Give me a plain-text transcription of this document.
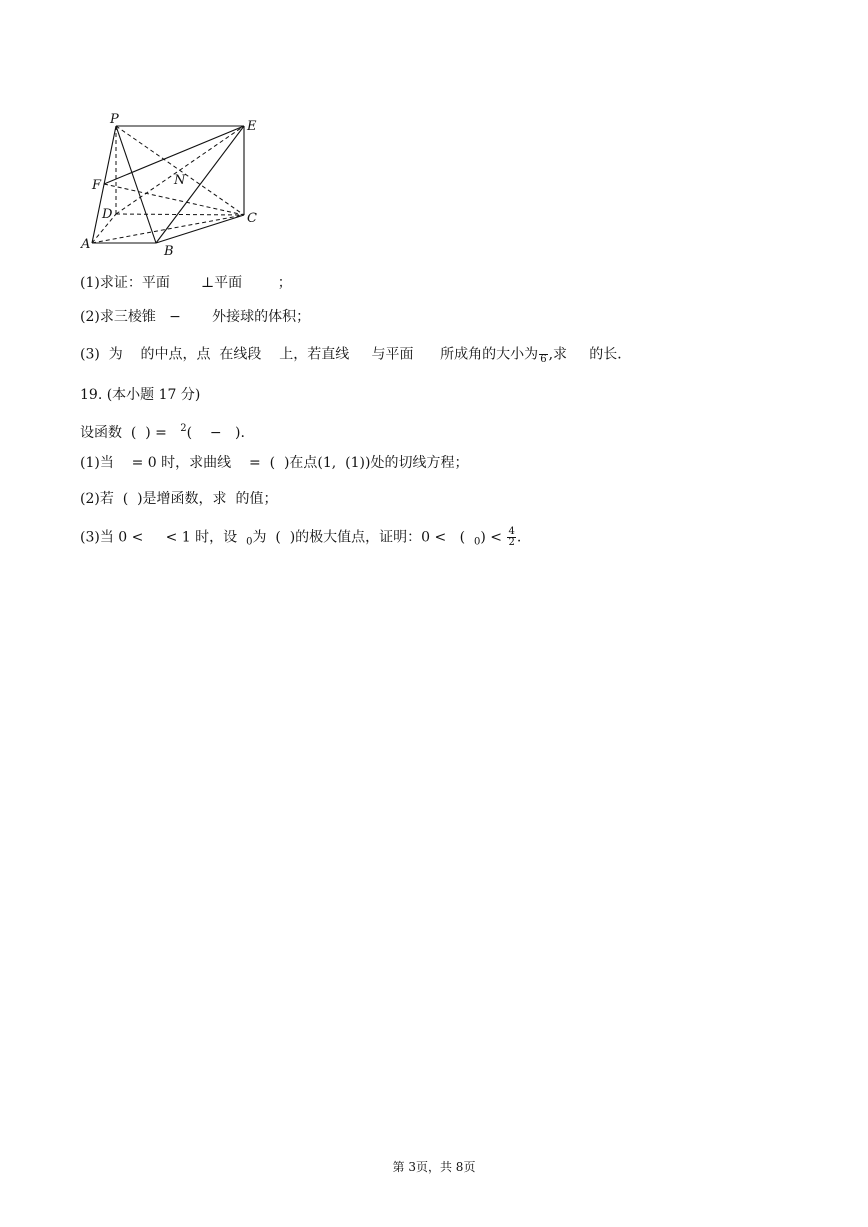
P	E
F	N
D	C
A	B
(1)求证：平面       ⊥平面        ；
(2)求三棱锥   −       外接球的体积；
(3)  为    的中点，点  在线段    上，若直线     与平面      所成角的大小为
6 ,求     的长．
19. (本小题 17 分)
设函数  (  ) =   $^2$(    −   ).
(1)当    = 0 时，求曲线    =  (  )在点(1,  (1))处的切线方程；
(2)若  (  )是增函数，求  的值；
(3)当 0 <     < 1 时，设  $_0$为  (  )的极大值点，证明：0 <   (  $_0) < \frac{4}{2}$ .
第 3页，共 8页
